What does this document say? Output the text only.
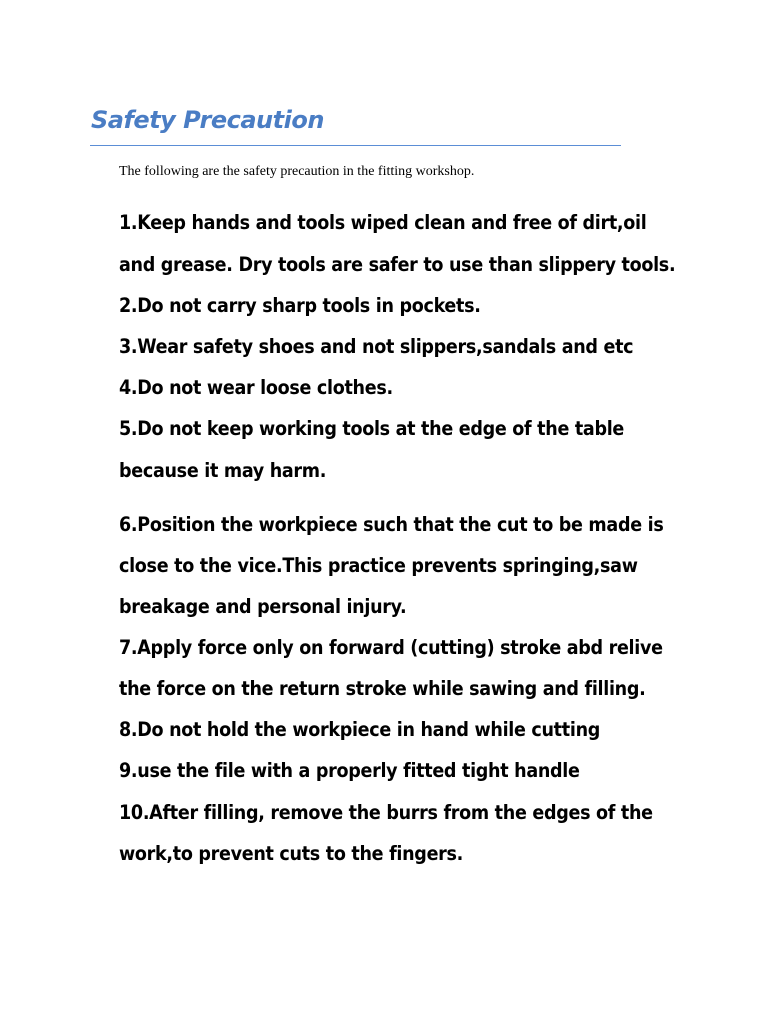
Safety Precaution

The following are the safety precaution in the fitting workshop.

1.Keep hands and tools wiped clean and free of dirt,oil
and grease. Dry tools are safer to use than slippery tools.
2.Do not carry sharp tools in pockets.
3.Wear safety shoes and not slippers,sandals and etc
4.Do not wear loose clothes.
5.Do not keep working tools at the edge of the table
because it may harm.
6.Position the workpiece such that the cut to be made is
close to the vice.This practice prevents springing,saw
breakage and personal injury.
7.Apply force only on forward (cutting) stroke abd relive
the force on the return stroke while sawing and filling.
8.Do not hold the workpiece in hand while cutting
9.use the file with a properly fitted tight handle
10.After filling, remove the burrs from the edges of the
work,to prevent cuts to the fingers.
